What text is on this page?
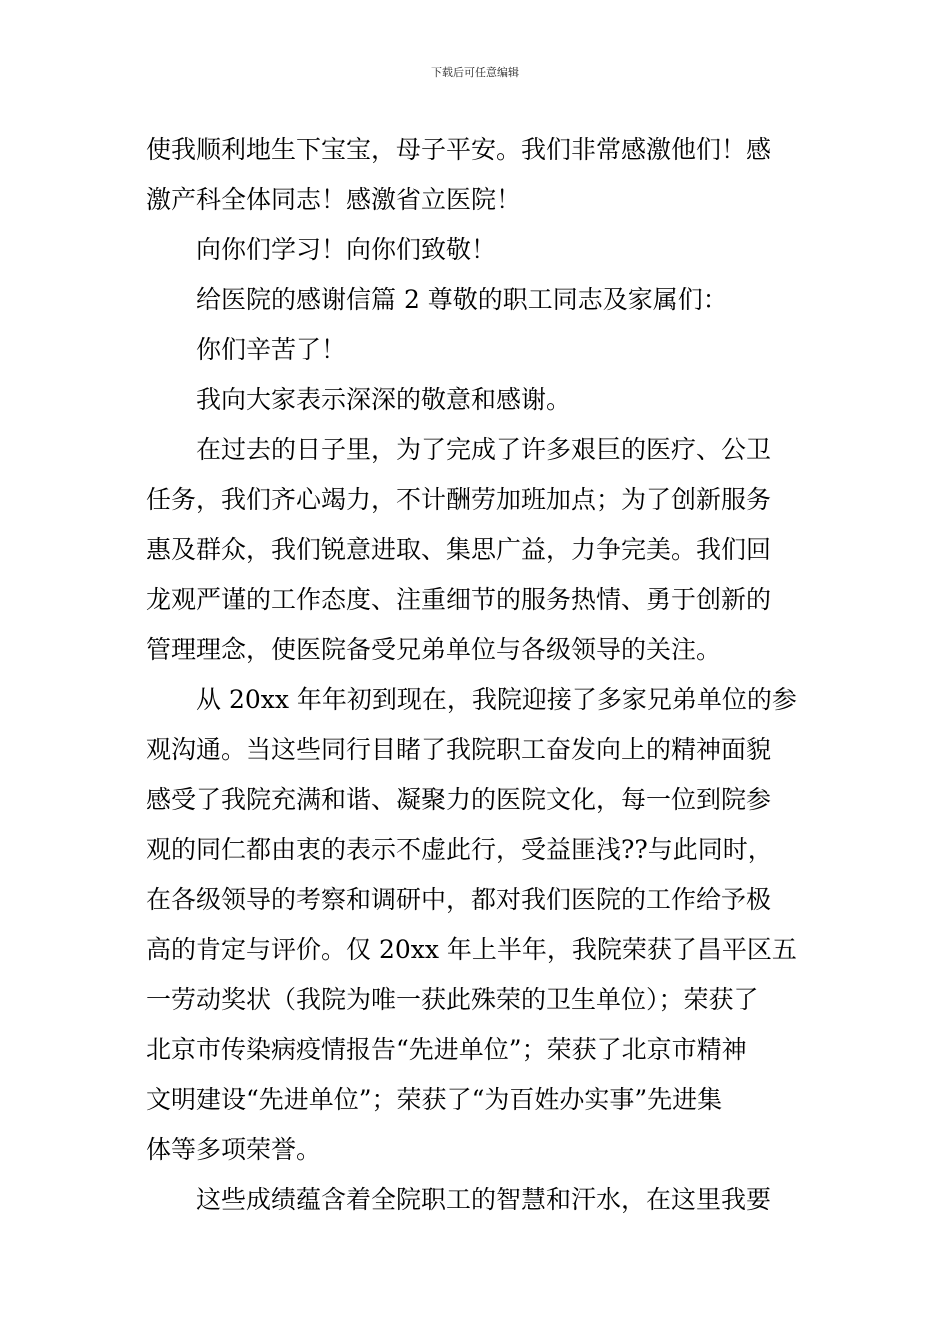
下载后可任意编辑
使我顺利地生下宝宝，母子平安。我们非常感激他们！感
激产科全体同志！感激省立医院！
向你们学习！向你们致敬！
给医院的感谢信篇 2 尊敬的职工同志及家属们：
你们辛苦了！
我向大家表示深深的敬意和感谢。
在过去的日子里，为了完成了许多艰巨的医疗、公卫
任务，我们齐心竭力，不计酬劳加班加点；为了创新服务
惠及群众，我们锐意进取、集思广益，力争完美。我们回
龙观严谨的工作态度、注重细节的服务热情、勇于创新的
管理理念，使医院备受兄弟单位与各级领导的关注。
从 20xx 年年初到现在，我院迎接了多家兄弟单位的参
观沟通。当这些同行目睹了我院职工奋发向上的精神面貌
感受了我院充满和谐、凝聚力的医院文化，每一位到院参
观的同仁都由衷的表示不虚此行，受益匪浅??与此同时，
在各级领导的考察和调研中，都对我们医院的工作给予极
高的肯定与评价。仅 20xx 年上半年，我院荣获了昌平区五
一劳动奖状（我院为唯一获此殊荣的卫生单位）；荣获了
北京市传染病疫情报告“先进单位”；荣获了北京市精神
文明建设“先进单位”；荣获了“为百姓办实事”先进集
体等多项荣誉。
这些成绩蕴含着全院职工的智慧和汗水，在这里我要
